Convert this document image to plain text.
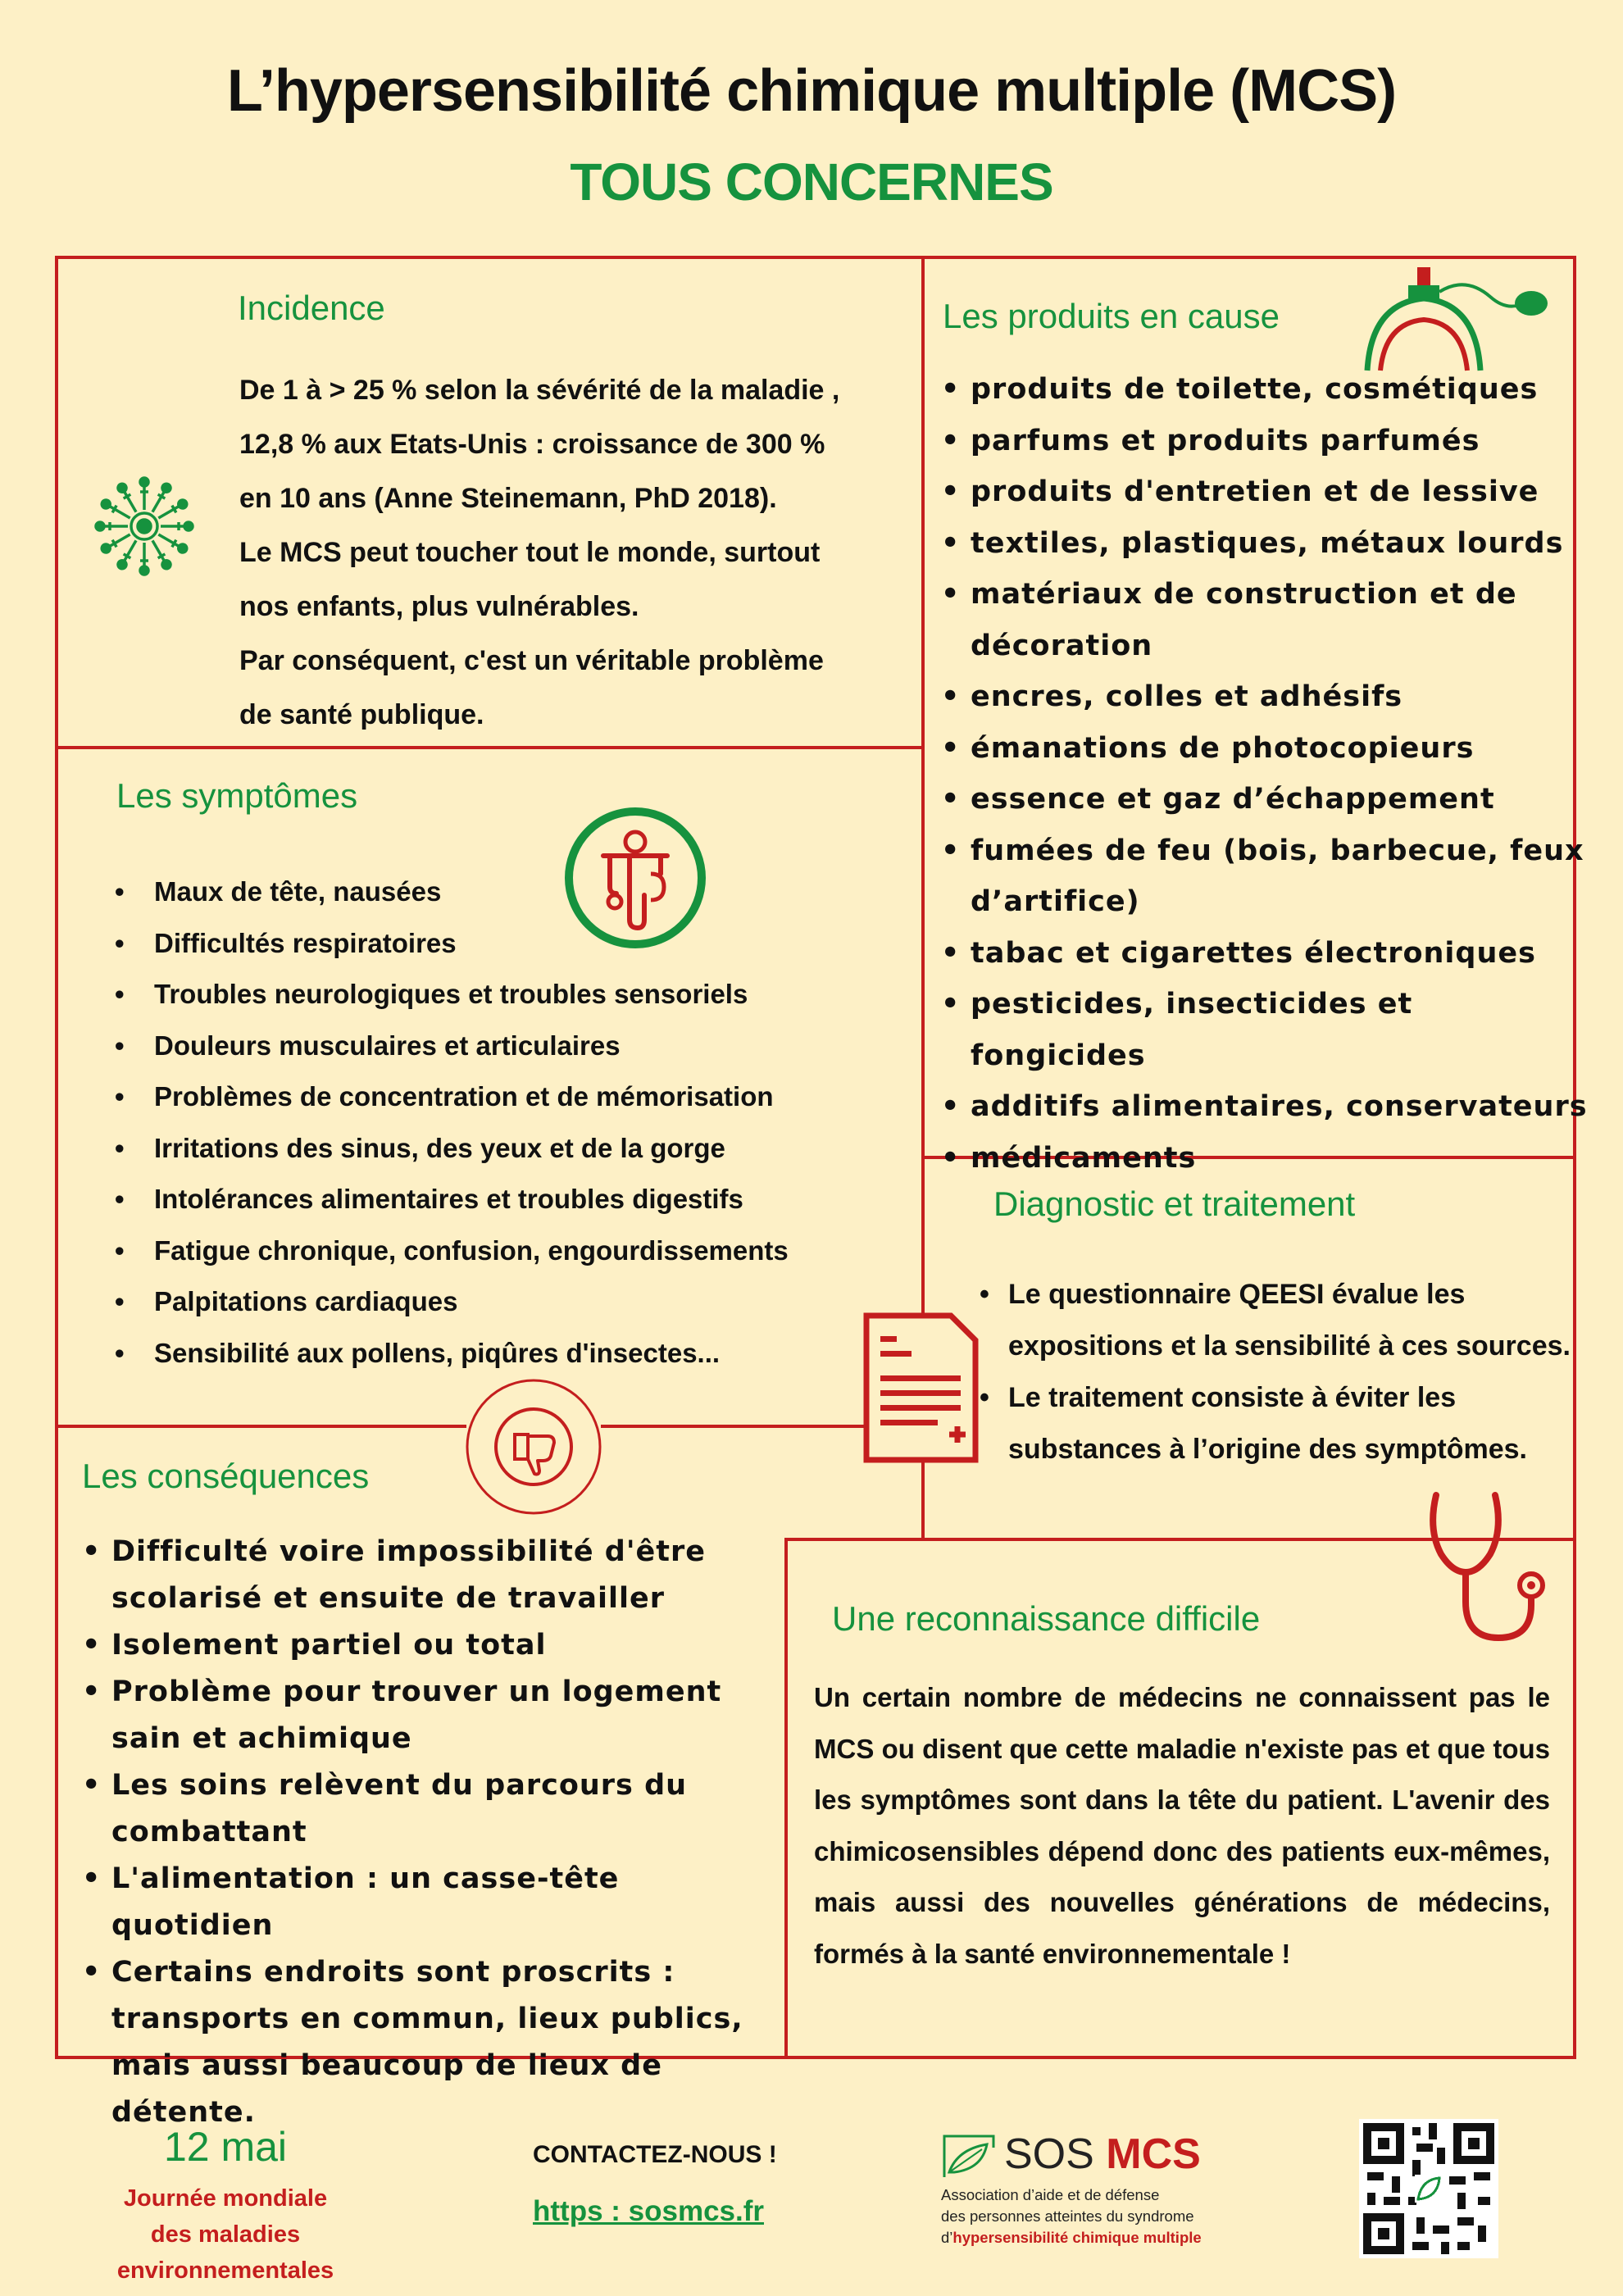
L’hypersensibilité chimique multiple (MCS)
TOUS CONCERNES
Incidence

De 1 à > 25 % selon la sévérité de la maladie ,

12,8 % aux Etats-Unis : croissance de 300 %

en 10 ans (Anne Steinemann, PhD 2018).

Le MCS peut toucher tout le monde, surtout

nos enfants, plus vulnérables.

Par conséquent, c'est un véritable problème

de santé publique.

Les produits en cause
• produits de toilette, cosmétiques
• parfums et produits parfumés
• produits d'entretien et de lessive
• textiles, plastiques, métaux lourds
• matériaux de construction et de décoration
• encres, colles et adhésifs
• émanations de photocopieurs
• essence et gaz d’échappement
• fumées de feu (bois, barbecue, feux d’artifice)
• tabac et cigarettes électroniques
• pesticides, insecticides et fongicides
• additifs alimentaires, conservateurs
• médicaments
Les symptômes
• Maux de tête, nausées
• Difficultés respiratoires
• Troubles neurologiques et troubles sensoriels
• Douleurs musculaires et articulaires
• Problèmes de concentration et de mémorisation
• Irritations des sinus, des yeux et de la gorge
• Intolérances alimentaires et troubles digestifs
• Fatigue chronique, confusion, engourdissements
• Palpitations cardiaques
• Sensibilité aux pollens, piqûres d'insectes...
Diagnostic et traitement
• Le questionnaire QEESI évalue les expositions et la sensibilité à ces sources.
• Le traitement consiste à éviter les substances à l’origine des symptômes.
Les conséquences
• Difficulté voire impossibilité d'être scolarisé et ensuite de travailler
• Isolement partiel ou total
• Problème pour trouver un logement sain et achimique
• Les soins relèvent du parcours du combattant
• L'alimentation : un casse-tête quotidien
• Certains endroits sont proscrits : transports en commun, lieux publics, mais aussi beaucoup de lieux de détente.
Une reconnaissance difficile
Un certain nombre de médecins ne connaissent pas le MCS ou disent que cette maladie n'existe pas et que tous les symptômes sont dans la tête du patient. L'avenir des chimicosensibles dépend donc des patients eux-mêmes, mais aussi des nouvelles générations de médecins, formés à la santé environnementale !
12 mai
Journée mondiale
des maladies environnementales
CONTACTEZ-NOUS !
https : sosmcs.fr
SOS MCS
Association d’aide et de défense
des personnes atteintes du syndrome
d’hypersensibilité chimique multiple
